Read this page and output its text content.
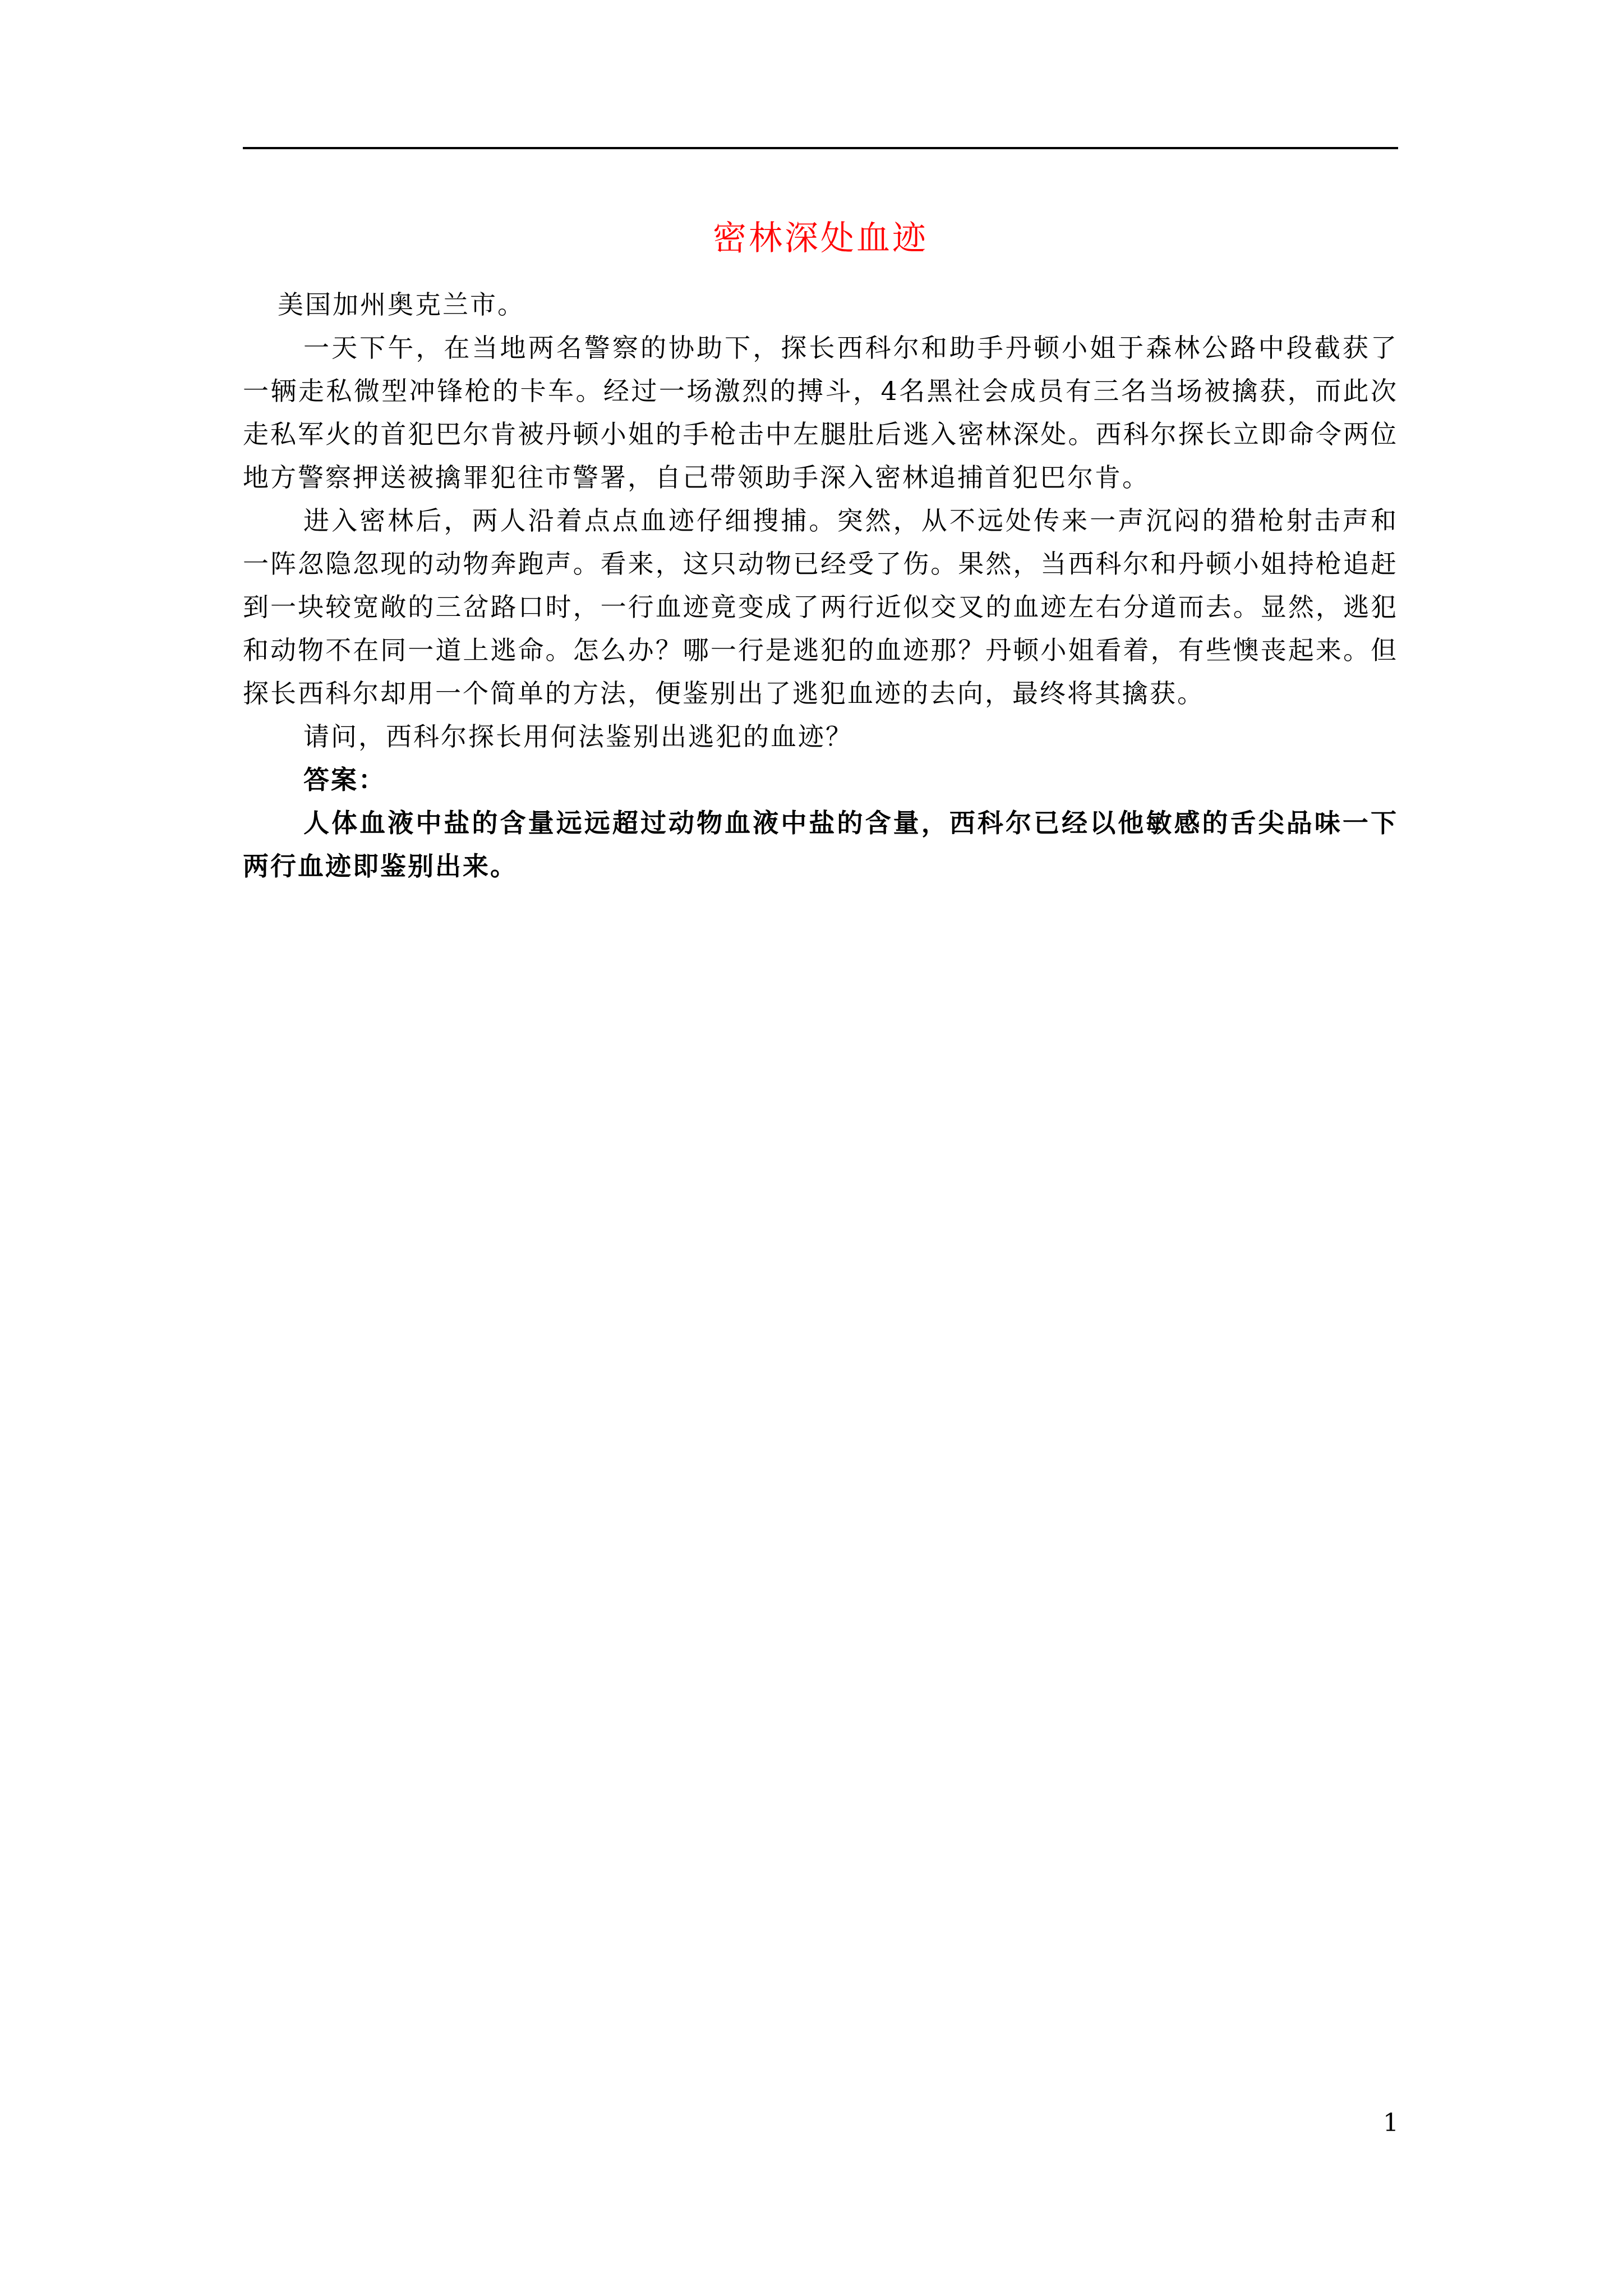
密林深处血迹

美国加州奥克兰市。

一天下午，在当地两名警察的协助下，探长西科尔和助手丹顿小姐于森林公路中段截获了一辆走私微型冲锋枪的卡车。经过一场激烈的搏斗，4名黑社会成员有三名当场被擒获，而此次走私军火的首犯巴尔肯被丹顿小姐的手枪击中左腿肚后逃入密林深处。西科尔探长立即命令两位地方警察押送被擒罪犯往市警署，自己带领助手深入密林追捕首犯巴尔肯。

进入密林后，两人沿着点点血迹仔细搜捕。突然，从不远处传来一声沉闷的猎枪射击声和一阵忽隐忽现的动物奔跑声。看来，这只动物已经受了伤。果然，当西科尔和丹顿小姐持枪追赶到一块较宽敞的三岔路口时，一行血迹竟变成了两行近似交叉的血迹左右分道而去。显然，逃犯和动物不在同一道上逃命。怎么办？哪一行是逃犯的血迹那？丹顿小姐看着，有些懊丧起来。但探长西科尔却用一个简单的方法，便鉴别出了逃犯血迹的去向，最终将其擒获。

请问，西科尔探长用何法鉴别出逃犯的血迹？

答案：

人体血液中盐的含量远远超过动物血液中盐的含量，西科尔已经以他敏感的舌尖品味一下两行血迹即鉴别出来。

1
